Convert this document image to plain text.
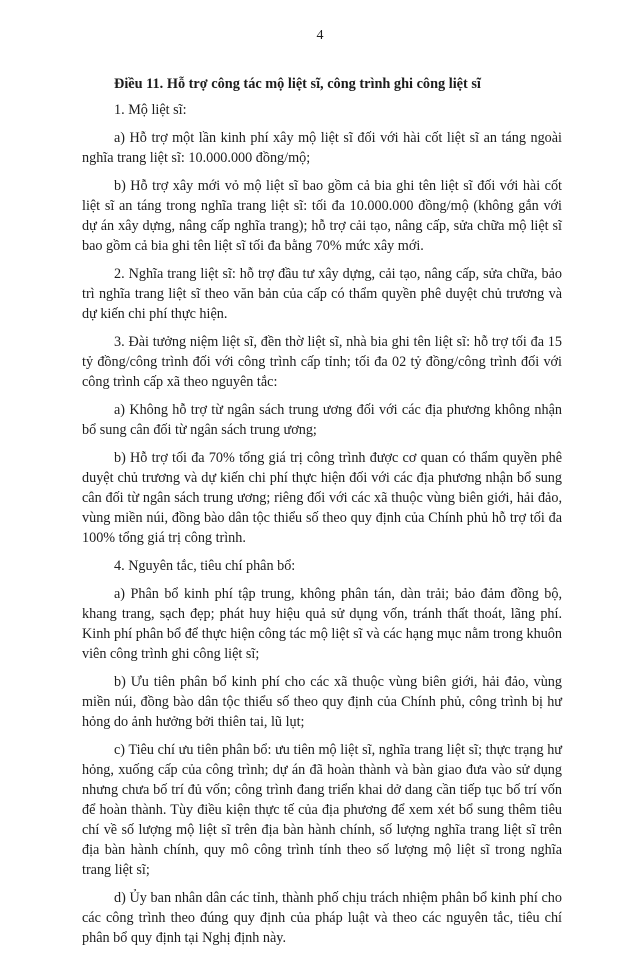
4

Điều 11. Hỗ trợ công tác mộ liệt sĩ, công trình ghi công liệt sĩ

1. Mộ liệt sĩ:

a) Hỗ trợ một lần kinh phí xây mộ liệt sĩ đối với hài cốt liệt sĩ an táng ngoài nghĩa trang liệt sĩ: 10.000.000 đồng/mộ;

b) Hỗ trợ xây mới vỏ mộ liệt sĩ bao gồm cả bia ghi tên liệt sĩ đối với hài cốt liệt sĩ an táng trong nghĩa trang liệt sĩ: tối đa 10.000.000 đồng/mộ (không gắn với dự án xây dựng, nâng cấp nghĩa trang); hỗ trợ cải tạo, nâng cấp, sửa chữa mộ liệt sĩ bao gồm cả bia ghi tên liệt sĩ tối đa bằng 70% mức xây mới.

2. Nghĩa trang liệt sĩ: hỗ trợ đầu tư xây dựng, cải tạo, nâng cấp, sửa chữa, bảo trì nghĩa trang liệt sĩ theo văn bản của cấp có thẩm quyền phê duyệt chủ trương và dự kiến chi phí thực hiện.

3. Đài tưởng niệm liệt sĩ, đền thờ liệt sĩ, nhà bia ghi tên liệt sĩ: hỗ trợ tối đa 15 tỷ đồng/công trình đối với công trình cấp tỉnh; tối đa 02 tỷ đồng/công trình đối với công trình cấp xã theo nguyên tắc:

a) Không hỗ trợ từ ngân sách trung ương đối với các địa phương không nhận bổ sung cân đối từ ngân sách trung ương;

b) Hỗ trợ tối đa 70% tổng giá trị công trình được cơ quan có thẩm quyền phê duyệt chủ trương và dự kiến chi phí thực hiện đối với các địa phương nhận bổ sung cân đối từ ngân sách trung ương; riêng đối với các xã thuộc vùng biên giới, hải đảo, vùng miền núi, đồng bào dân tộc thiểu số theo quy định của Chính phủ hỗ trợ tối đa 100% tổng giá trị công trình.

4. Nguyên tắc, tiêu chí phân bổ:

a) Phân bổ kinh phí tập trung, không phân tán, dàn trải; bảo đảm đồng bộ, khang trang, sạch đẹp; phát huy hiệu quả sử dụng vốn, tránh thất thoát, lãng phí. Kinh phí phân bổ để thực hiện công tác mộ liệt sĩ và các hạng mục nằm trong khuôn viên công trình ghi công liệt sĩ;

b) Ưu tiên phân bổ kinh phí cho các xã thuộc vùng biên giới, hải đảo, vùng miền núi, đồng bào dân tộc thiểu số theo quy định của Chính phủ, công trình bị hư hỏng do ảnh hưởng bởi thiên tai, lũ lụt;

c) Tiêu chí ưu tiên phân bổ: ưu tiên mộ liệt sĩ, nghĩa trang liệt sĩ; thực trạng hư hỏng, xuống cấp của công trình; dự án đã hoàn thành và bàn giao đưa vào sử dụng nhưng chưa bố trí đủ vốn; công trình đang triển khai dở dang cần tiếp tục bố trí vốn để hoàn thành. Tùy điều kiện thực tế của địa phương để xem xét bổ sung thêm tiêu chí về số lượng mộ liệt sĩ trên địa bàn hành chính, số lượng nghĩa trang liệt sĩ trên địa bàn hành chính, quy mô công trình tính theo số lượng mộ liệt sĩ trong nghĩa trang liệt sĩ;

d) Ủy ban nhân dân các tỉnh, thành phố chịu trách nhiệm phân bổ kinh phí cho các công trình theo đúng quy định của pháp luật và theo các nguyên tắc, tiêu chí phân bổ quy định tại Nghị định này.
